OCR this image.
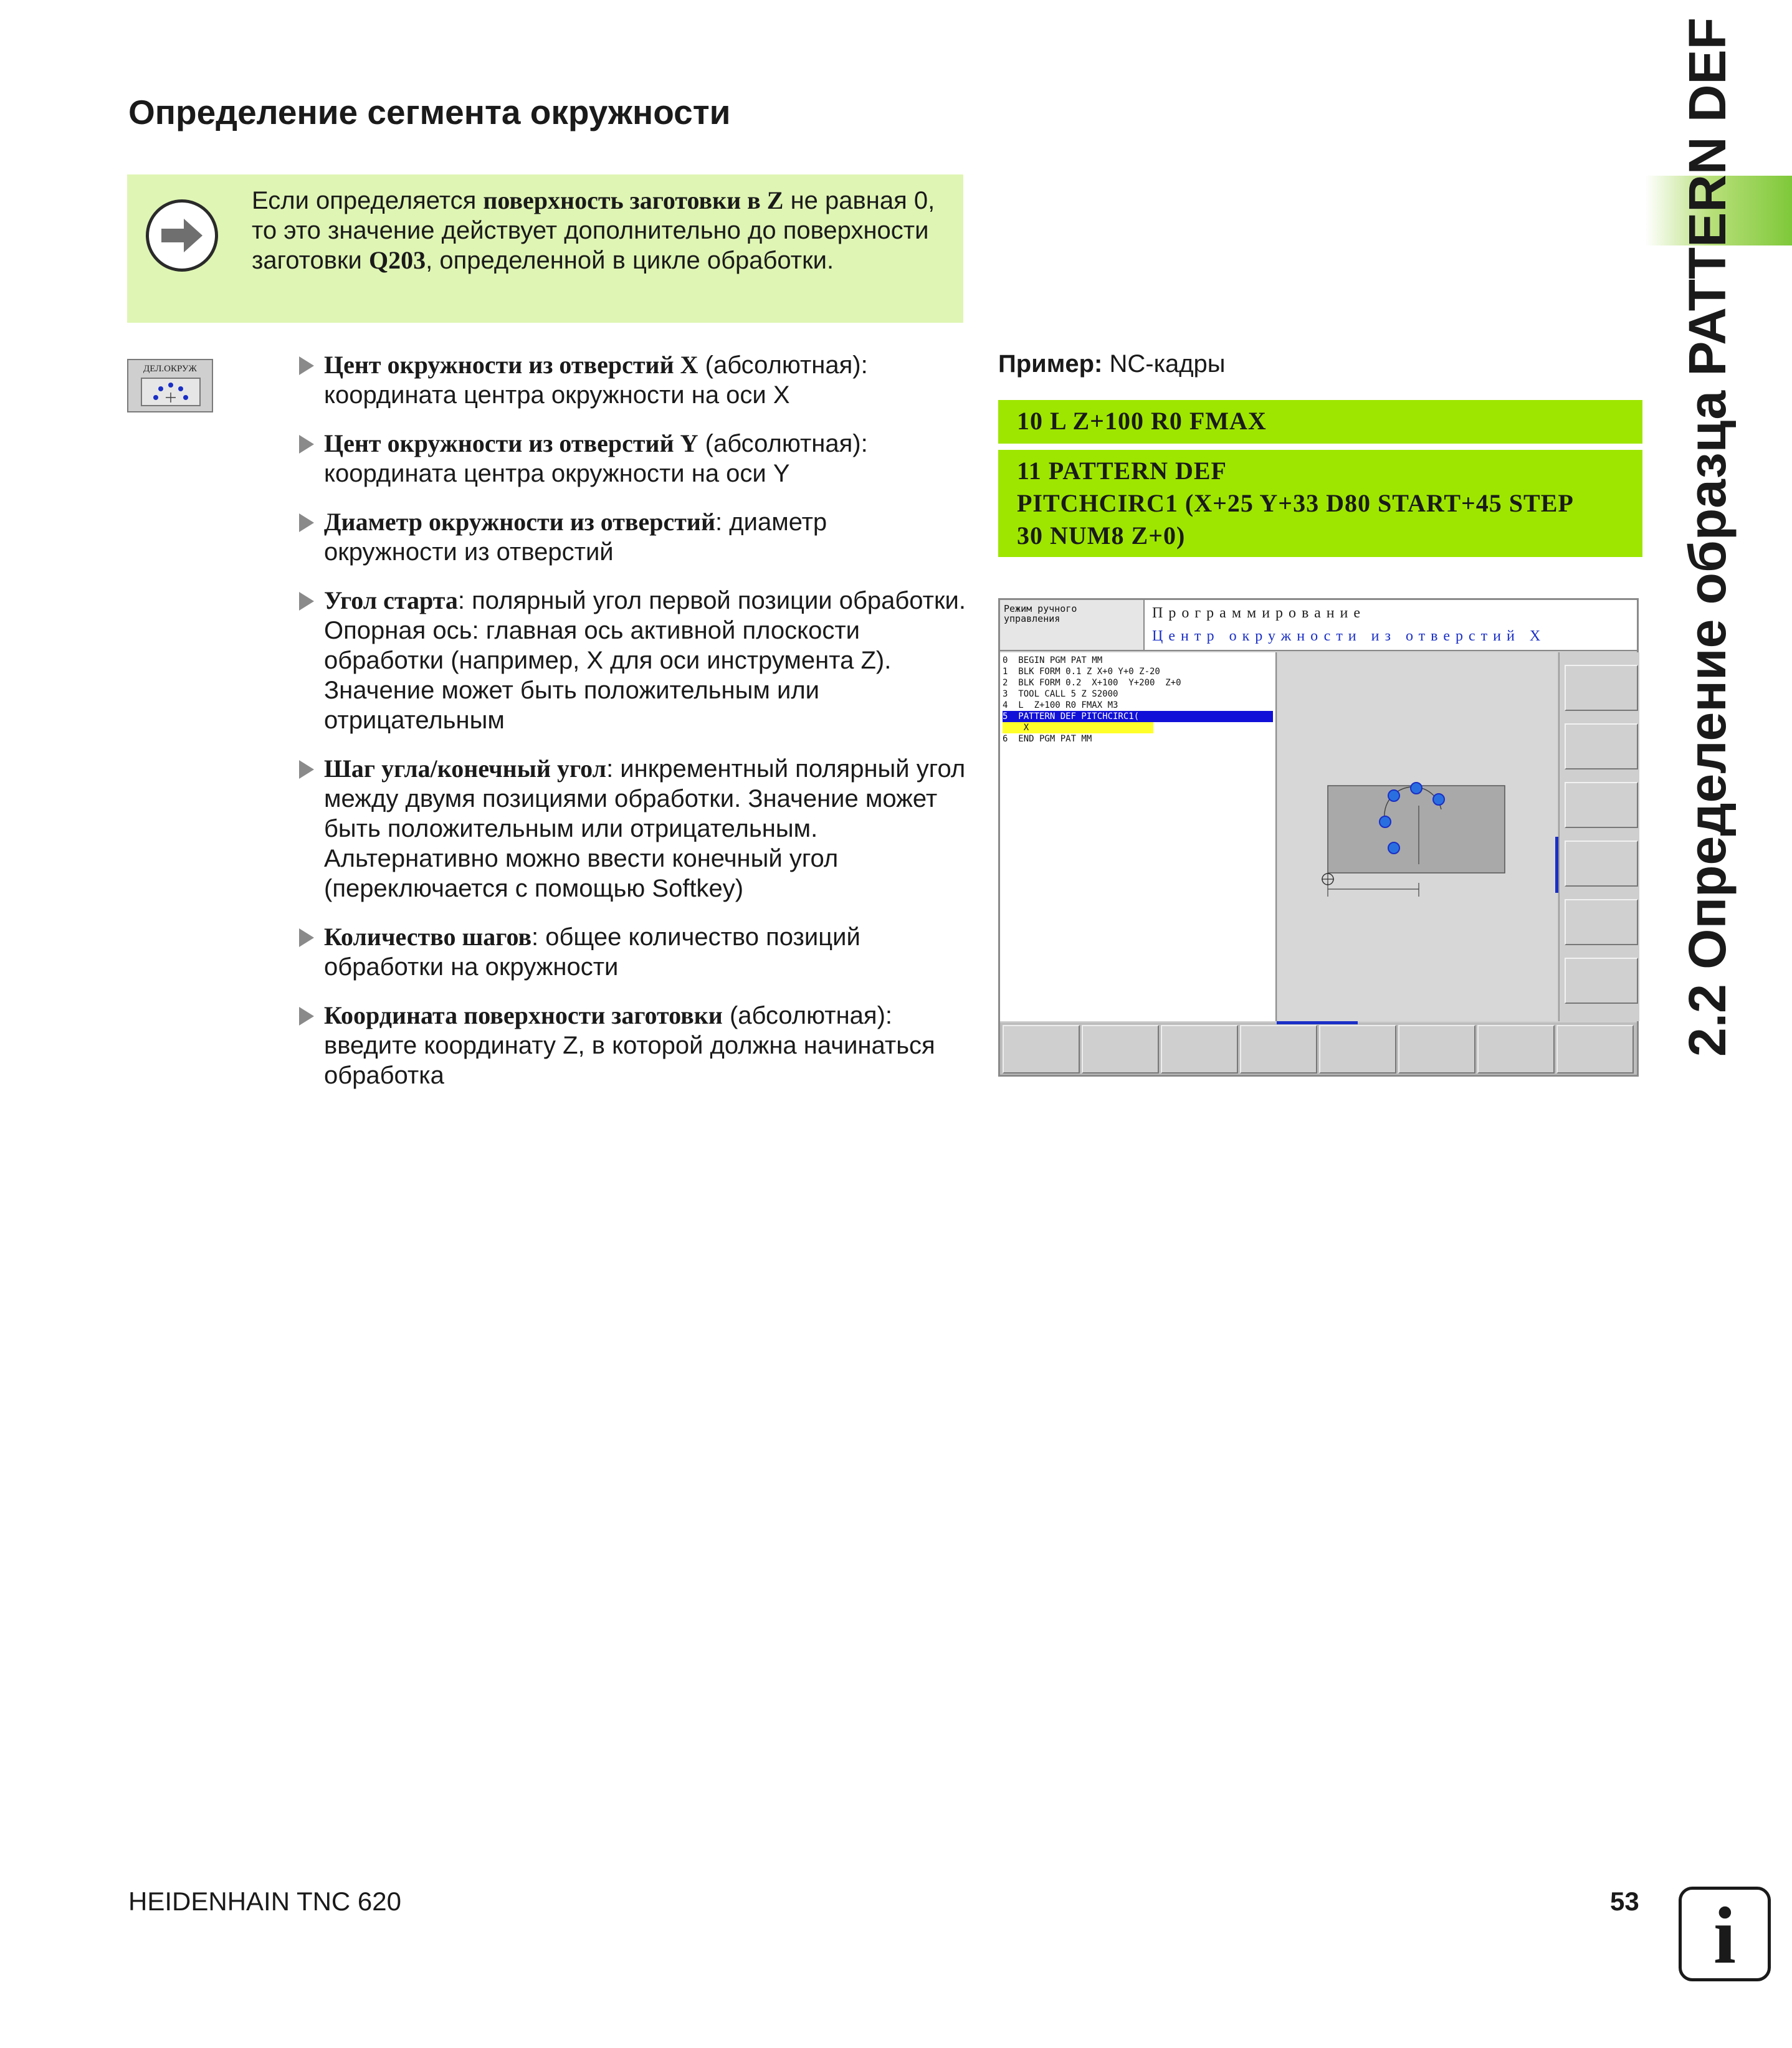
Определение сегмента окружности
Если определяется поверхность заготовки в Z не равная 0, то это значение действует дополнительно до поверхности заготовки Q203, определенной в цикле обработки.
ДЕЛ.ОКРУЖ	Цент окружности из отверстий X (абсолютная): координата центра окружности на оси X
Цент окружности из отверстий Y (абсолютная): координата центра окружности на оси Y
Диаметр окружности из отверстий: диаметр окружности из отверстий
Угол старта: полярный угол первой позиции обработки. Опорная ось: главная ось активной плоскости обработки (например, X для оси инструмента Z). Значение может быть положительным или отрицательным
Шаг угла/конечный угол: инкрементный полярный угол между двумя позициями обработки. Значение может быть положительным или отрицательным. Альтернативно можно ввести конечный угол (переключается с помощью Softkey)
Количество шагов: общее количество позиций обработки на окружности
Координата поверхности заготовки (абсолютная): введите координату Z, в которой должна начинаться обработка
Пример: NC-кадры
10 L Z+100 R0 FMAX
11 PATTERN DEF
PITCHCIRC1 (X+25 Y+33 D80 START+45 STEP
30 NUM8 Z+0)
Режим ручного
управления	Программирование
Центр окружности из отверстий X
0  BEGIN PGM PAT MM
1  BLK FORM 0.1 Z X+0 Y+0 Z-20
2  BLK FORM 0.2  X+100  Y+200  Z+0
3  TOOL CALL 5 Z S2000
4  L  Z+100 R0 FMAX M3
5  PATTERN DEF PITCHCIRC1(
X
6  END PGM PAT MM	2.2 Определение образца PATTERN DEF
HEIDENHAIN TNC 620	53 i
